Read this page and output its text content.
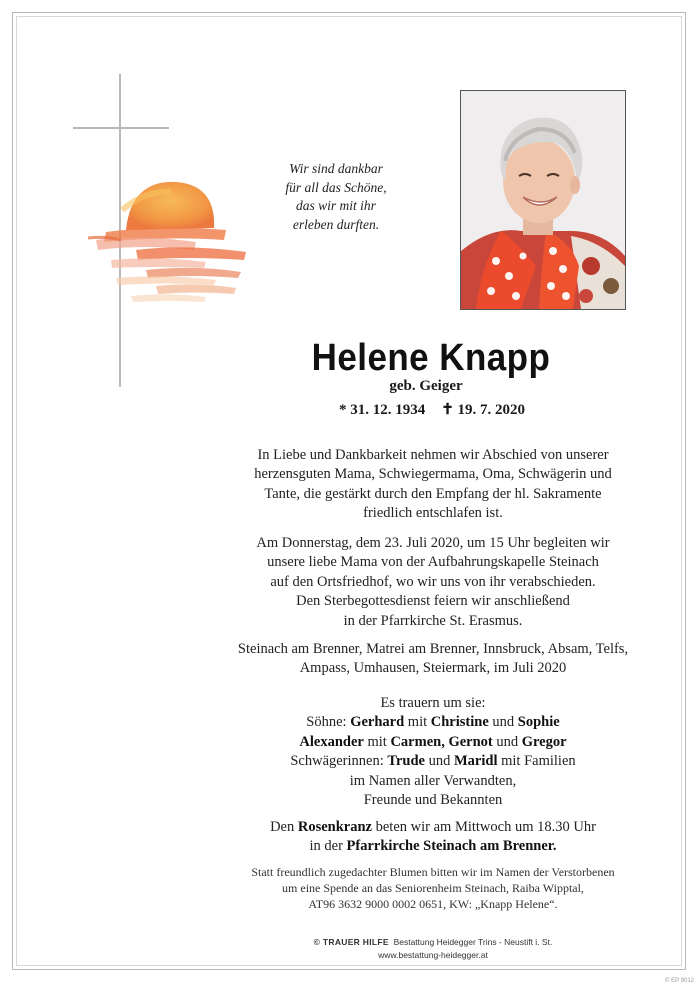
Wir sind dankbar
für all das Schöne,
das wir mit ihr
erleben durften.
Helene Knapp
geb. Geiger
* 31. 12. 1934 ✝ 19. 7. 2020
In Liebe und Dankbarkeit nehmen wir Abschied von unserer
herzensguten Mama, Schwiegermama, Oma, Schwägerin und
Tante, die gestärkt durch den Empfang der hl. Sakramente
friedlich entschlafen ist.
Am Donnerstag, dem 23. Juli 2020, um 15 Uhr begleiten wir
unsere liebe Mama von der Aufbahrungskapelle Steinach
auf den Ortsfriedhof, wo wir uns von ihr verabschieden.
Den Sterbegottesdienst feiern wir anschließend
in der Pfarrkirche St. Erasmus.
Steinach am Brenner, Matrei am Brenner, Innsbruck, Absam, Telfs,
Ampass, Umhausen, Steiermark, im Juli 2020
Es trauern um sie:
Söhne: Gerhard mit Christine und Sophie
Alexander mit Carmen, Gernot und Gregor
Schwägerinnen: Trude und Maridl mit Familien
im Namen aller Verwandten,
Freunde und Bekannten
Den Rosenkranz beten wir am Mittwoch um 18.30 Uhr
in der Pfarrkirche Steinach am Brenner.
Statt freundlich zugedachter Blumen bitten wir im Namen der Verstorbenen
um eine Spende an das Seniorenheim Steinach, Raiba Wipptal,
AT96 3632 9000 0002 0651, KW: „Knapp Helene“.
© TRAUER HILFE Bestattung Heidegger Trins - Neustift i. St.
www.bestattung-heidegger.at
© EP 9012
